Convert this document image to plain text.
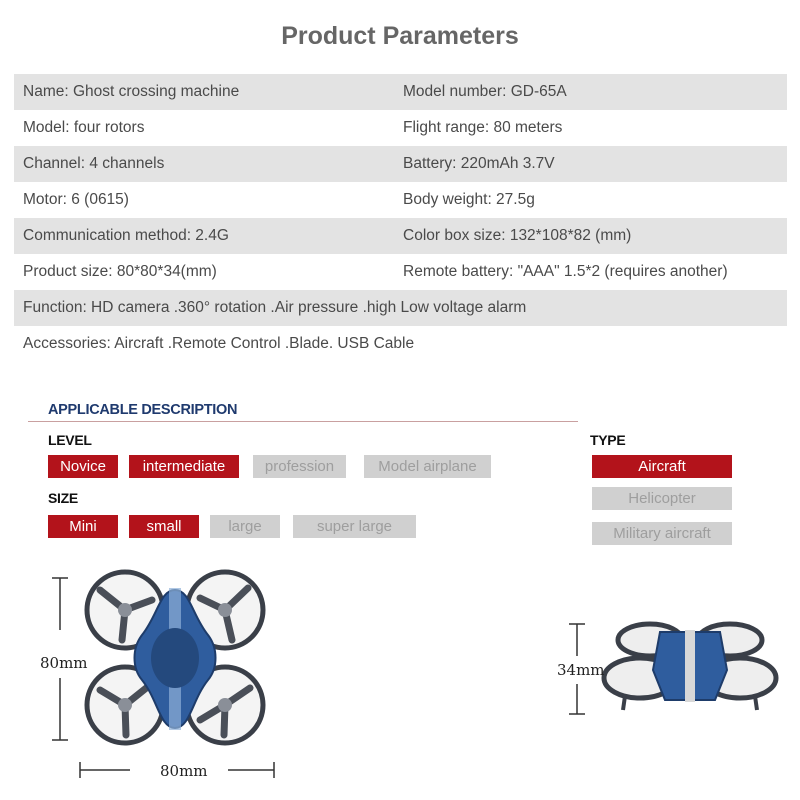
Product Parameters
Name: Ghost crossing machine	Model number: GD-65A
Model: four rotors	Flight range: 80 meters
Channel: 4 channels	Battery: 220mAh 3.7V
Motor: 6 (0615)	Body weight: 27.5g
Communication method: 2.4G	Color box size: 132*108*82 (mm)
Product size: 80*80*34(mm)	Remote battery: "AAA" 1.5*2 (requires another)
Function: HD camera .360° rotation .Air pressure .high Low voltage alarm
Accessories: Aircraft .Remote Control .Blade. USB Cable
APPLICABLE DESCRIPTION
LEVEL
Novice	intermediate	profession	Model airplane
SIZE
Mini	small	large	super large
TYPE
Aircraft
Helicopter
Military aircraft
80mm
80mm
34mm
